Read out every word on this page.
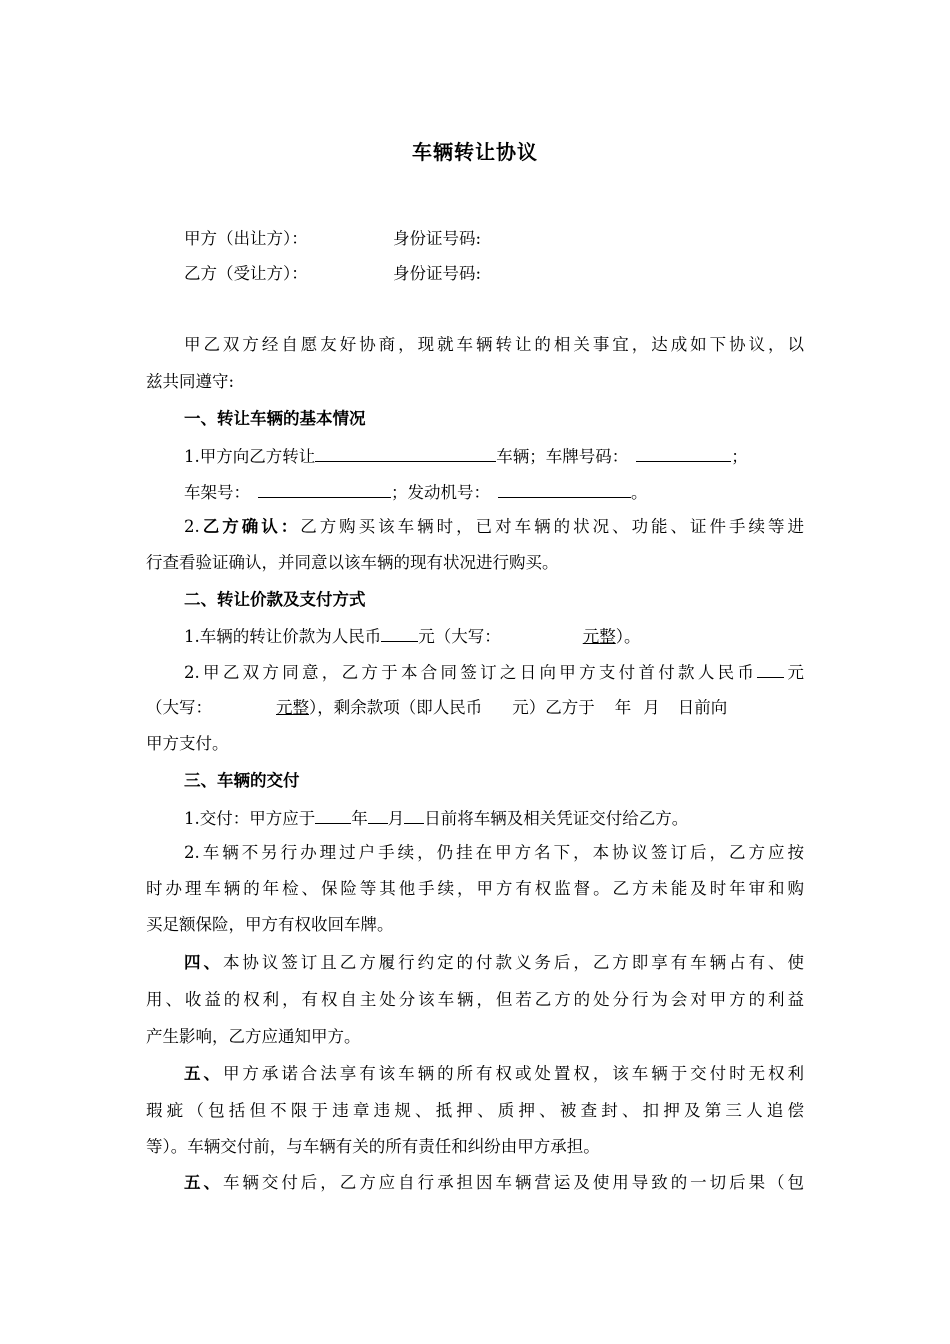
车辆转让协议
甲方（出让方）：	身份证号码:
乙方（受让方）：	身份证号码:
甲乙双方经自愿友好协商，现就车辆转让的相关事宜，达成如下协议，以
兹共同遵守:
一、转让车辆的基本情况
1.甲方向乙方转让	车辆；车牌号码：	；
车架号：	；发动机号：	。
2.乙方确认：乙方购买该车辆时，已对车辆的状况、功能、证件手续等进
行查看验证确认，并同意以该车辆的现有状况进行购买。
二、转让价款及支付方式
1.车辆的转让价款为人民币 元（大写：	元整）。
2.甲乙双方同意，乙方于本合同签订之日向甲方支付首付款人民币 元
（大写：	元整），剩余款项（即人民币 元）乙方于 年 月 日前向
甲方支付。
三、车辆的交付
1.交付：甲方应于 年 月 日前将车辆及相关凭证交付给乙方。
2.车辆不另行办理过户手续，仍挂在甲方名下，本协议签订后，乙方应按
时办理车辆的年检、保险等其他手续，甲方有权监督。乙方未能及时年审和购
买足额保险，甲方有权收回车牌。
四、本协议签订且乙方履行约定的付款义务后，乙方即享有车辆占有、使
用、收益的权利，有权自主处分该车辆，但若乙方的处分行为会对甲方的利益
产生影响，乙方应通知甲方。
五、甲方承诺合法享有该车辆的所有权或处置权，该车辆于交付时无权利
瑕疵（包括但不限于违章违规、抵押、质押、被查封、扣押及第三人追偿
等）。车辆交付前，与车辆有关的所有责任和纠纷由甲方承担。
五、车辆交付后，乙方应自行承担因车辆营运及使用导致的一切后果（包
